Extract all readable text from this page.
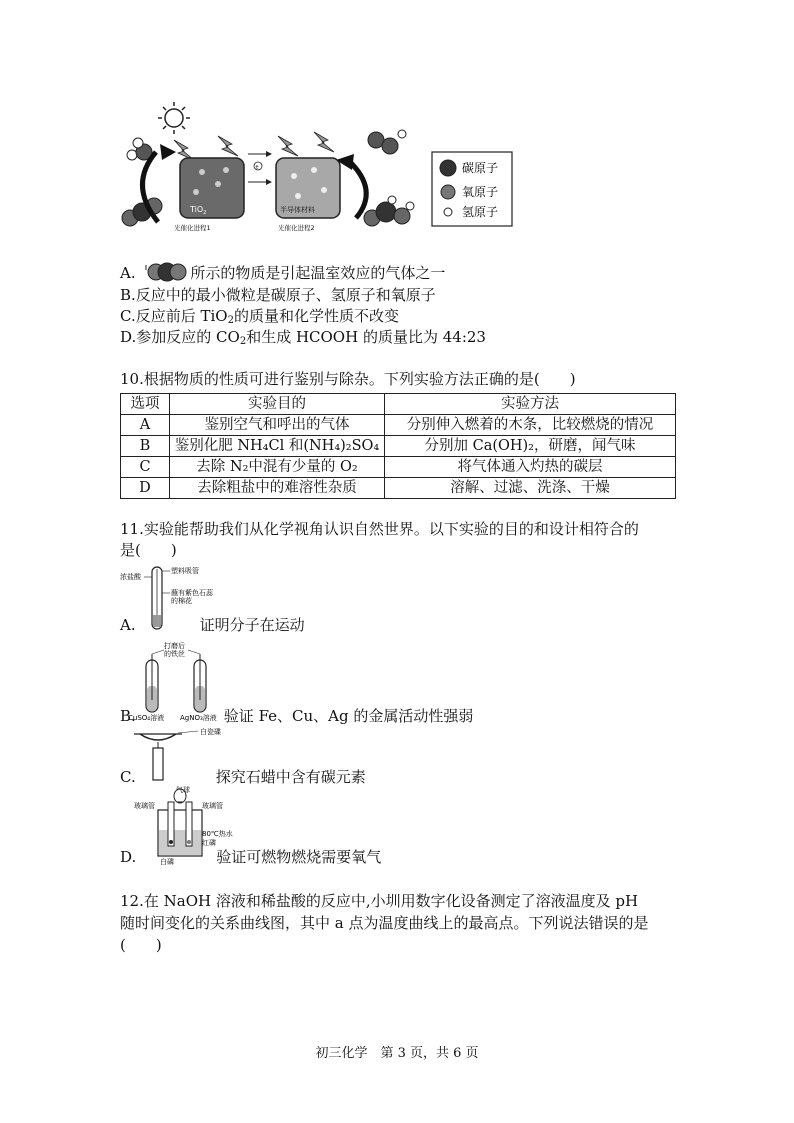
TiO$_2$
光催化进程1
e
半导体材料
光催化进程2
碳原子
氧原子
氢原子
A.	所示的物质是引起温室效应的气体之一
B.反应中的最小微粒是碳原子、氢原子和氧原子
C.反应前后 TiO$_2$的质量和化学性质不改变
D.参加反应的 $CO_2$和生成 HCOOH 的质量比为 44:23
10.根据物质的性质可进行鉴别与除杂。下列实验方法正确的是(　　)
选项	实验目的	实验方法
A	鉴别空气和呼出的气体	分别伸入燃着的木条，比较燃烧的情况
B	鉴别化肥 NH₄Cl 和(NH₄)₂SO₄	分别加 Ca(OH)₂，研磨，闻气味
C	去除 N₂中混有少量的 O₂	将气体通入灼热的碳层
D	去除粗盐中的难溶性杂质	溶解、过滤、洗涤、干燥
11.实验能帮助我们从化学视角认识自然世界。以下实验的目的和设计相符合的
是(　　)
浓盐酸
塑料吸管
蘸有紫色石蕊
的棉花
A.	证明分子在运动
打磨后
的铁丝
CuSO₄溶液 AgNO₃溶液
B.	验证 Fe、Cu、Ag 的金属活动性强弱
白瓷碟
C.	探究石蜡中含有碳元素
气球
玻璃管	玻璃管
80℃热水
红磷
白磷
D.	验证可燃物燃烧需要氧气
12.在 NaOH 溶液和稀盐酸的反应中,小圳用数字化设备测定了溶液温度及 pH
随时间变化的关系曲线图，其中 a 点为温度曲线上的最高点。下列说法错误的是
(　　)
初三化学　第 3 页，共 6 页
